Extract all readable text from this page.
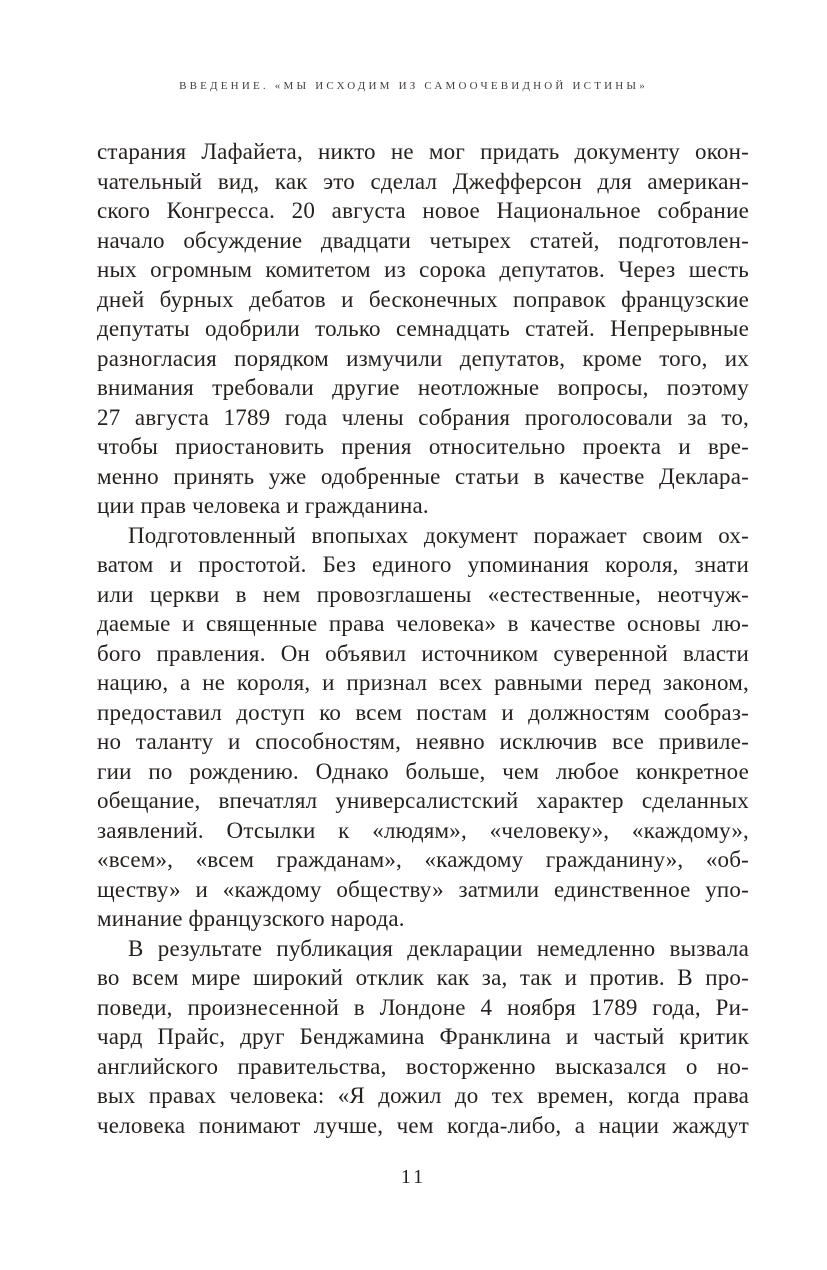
ВВЕДЕНИЕ. «МЫ ИСХОДИМ ИЗ САМООЧЕВИДНОЙ ИСТИНЫ»
старания Лафайета, никто не мог придать документу окон-
чательный вид, как это сделал Джефферсон для американ-
ского Конгресса. 20 августа новое Национальное собрание
начало обсуждение двадцати четырех статей, подготовлен-
ных огромным комитетом из сорока депутатов. Через шесть
дней бурных дебатов и бесконечных поправок французские
депутаты одобрили только семнадцать статей. Непрерывные
разногласия порядком измучили депутатов, кроме того, их
внимания требовали другие неотложные вопросы, поэтому
27 августа 1789 года члены собрания проголосовали за то,
чтобы приостановить прения относительно проекта и вре-
менно принять уже одобренные статьи в качестве Деклара-
ции прав человека и гражданина.
Подготовленный впопыхах документ поражает своим ох-
ватом и простотой. Без единого упоминания короля, знати
или церкви в нем провозглашены «естественные, неотчуж-
даемые и священные права человека» в качестве основы лю-
бого правления. Он объявил источником суверенной власти
нацию, а не короля, и признал всех равными перед законом,
предоставил доступ ко всем постам и должностям сообраз-
но таланту и способностям, неявно исключив все привиле-
гии по рождению. Однако больше, чем любое конкретное
обещание, впечатлял универсалистский характер сделанных
заявлений. Отсылки к «людям», «человеку», «каждому»,
«всем», «всем гражданам», «каждому гражданину», «об-
ществу» и «каждому обществу» затмили единственное упо-
минание французского народа.
В результате публикация декларации немедленно вызвала
во всем мире широкий отклик как за, так и против. В про-
поведи, произнесенной в Лондоне 4 ноября 1789 года, Ри-
чард Прайс, друг Бенджамина Франклина и частый критик
английского правительства, восторженно высказался о но-
вых правах человека: «Я дожил до тех времен, когда права
человека понимают лучше, чем когда-либо, а нации жаждут
11
